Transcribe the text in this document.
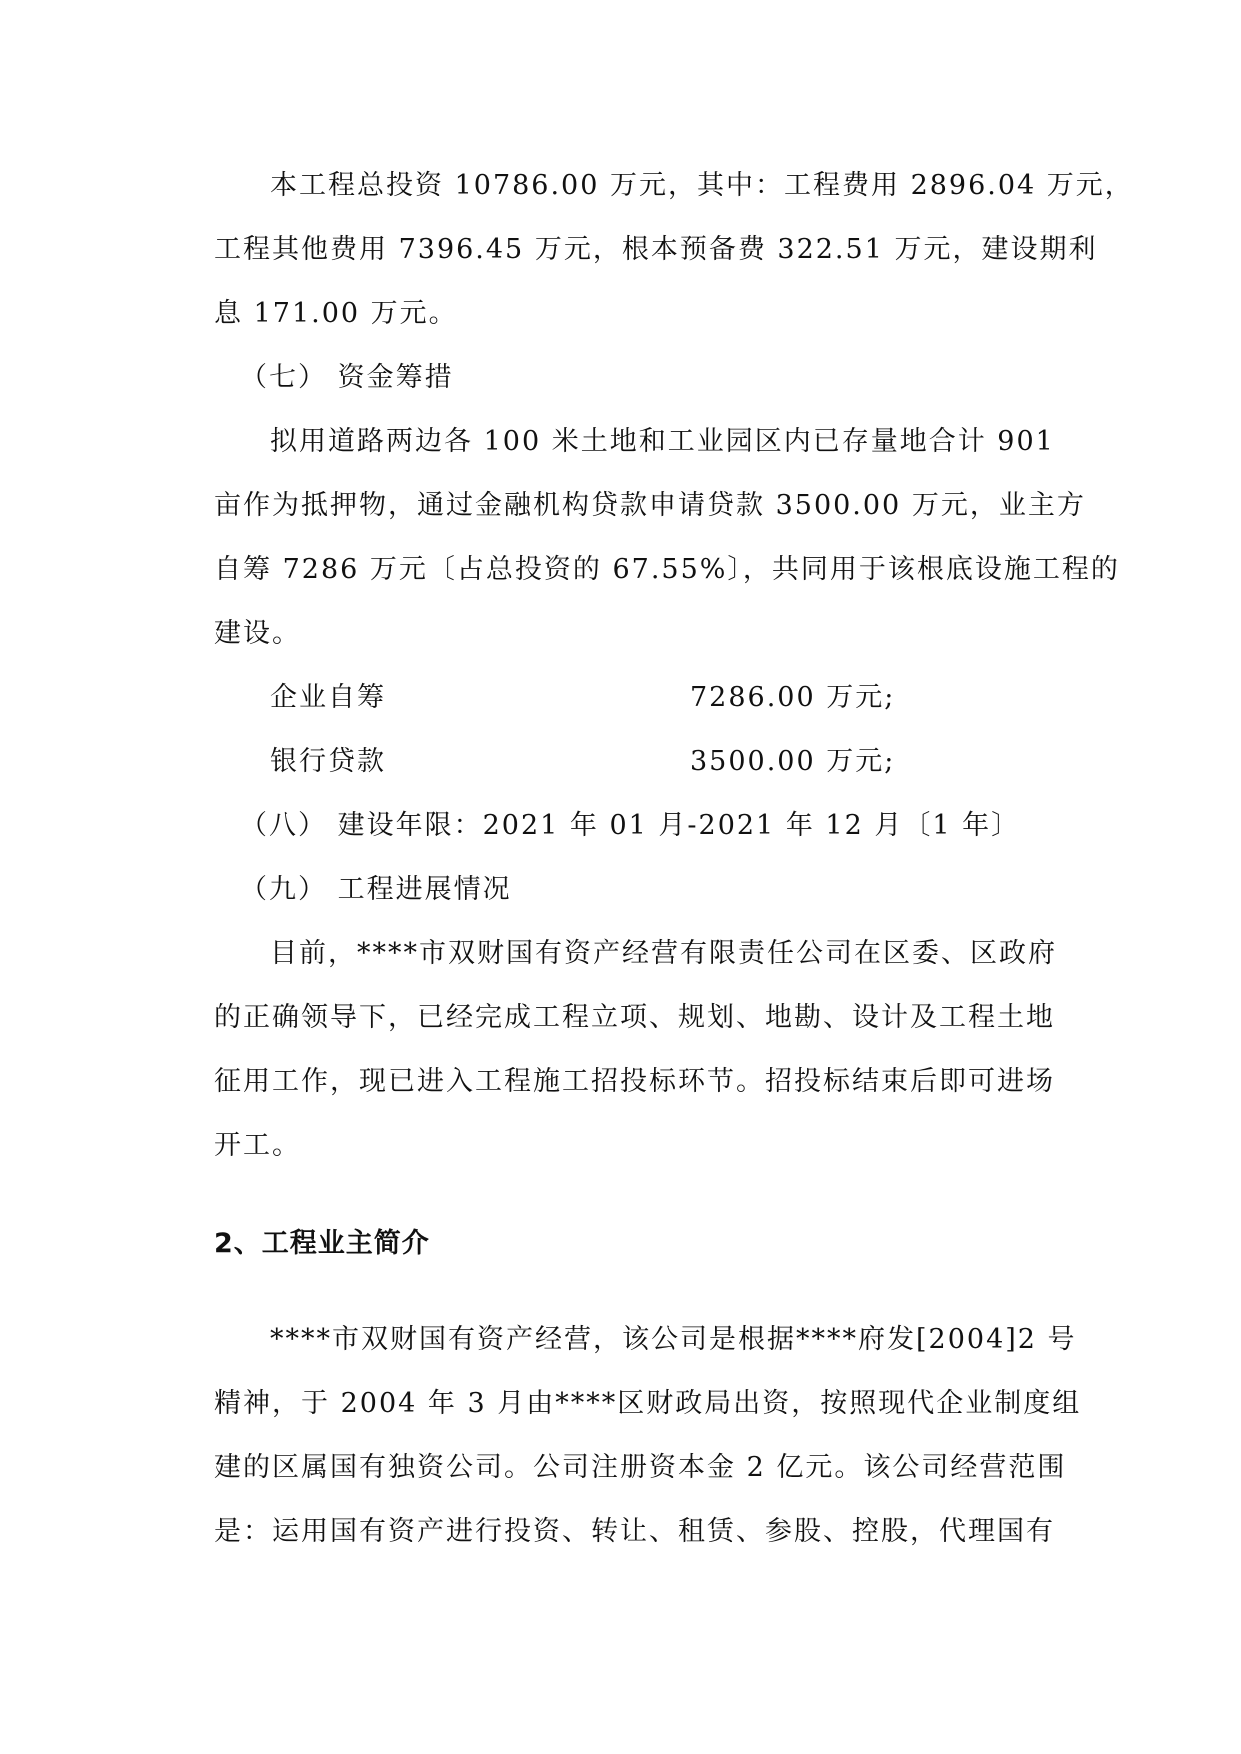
本工程总投资 10786.00 万元，其中：工程费用 2896.04 万元，
工程其他费用 7396.45 万元，根本预备费 322.51 万元，建设期利
息 171.00 万元。
（七） 资金筹措
拟用道路两边各 100 米土地和工业园区内已存量地合计 901
亩作为抵押物，通过金融机构贷款申请贷款 3500.00 万元，业主方
自筹 7286 万元〔占总投资的 67.55%〕，共同用于该根底设施工程的
建设。
企业自筹	7286.00 万元;
银行贷款	3500.00 万元;
（八） 建设年限：2021 年 01 月-2021 年 12 月〔1 年〕
（九） 工程进展情况
目前，****市双财国有资产经营有限责任公司在区委、区政府
的正确领导下，已经完成工程立项、规划、地勘、设计及工程土地
征用工作，现已进入工程施工招投标环节。招投标结束后即可进场
开工。
2、工程业主简介
****市双财国有资产经营，该公司是根据****府发[2004]2 号
精神，于 2004 年 3 月由****区财政局出资，按照现代企业制度组
建的区属国有独资公司。公司注册资本金 2 亿元。该公司经营范围
是：运用国有资产进行投资、转让、租赁、参股、控股，代理国有
